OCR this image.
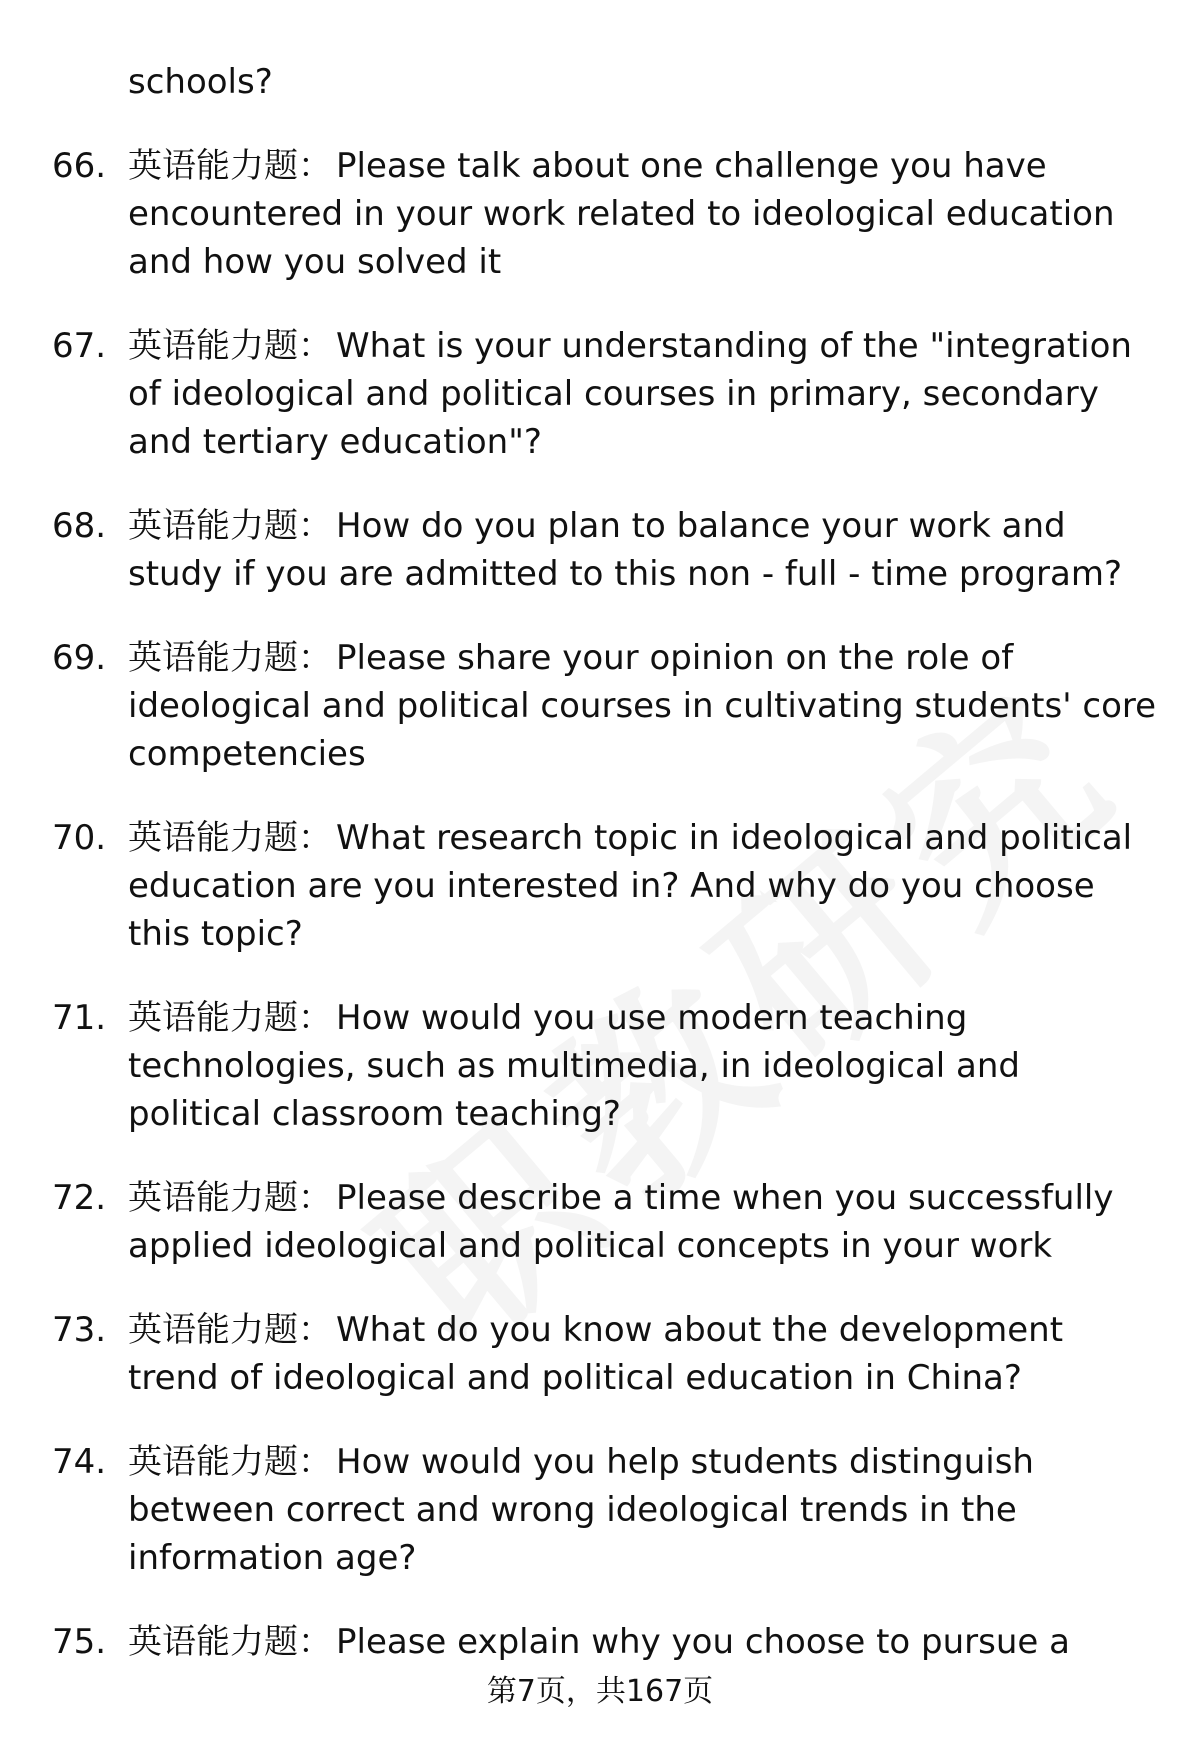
schools?
66. 英语能力题： Please talk about one challenge you have encountered in your work related to ideological education and how you solved it
67. 英语能力题： What is your understanding of the "integration of ideological and political courses in primary, secondary and tertiary education"?
68. 英语能力题： How do you plan to balance your work and study if you are admitted to this non - full - time program?
69. 英语能力题： Please share your opinion on the role of ideological and political courses in cultivating students' core competencies
70. 英语能力题： What research topic in ideological and political education are you interested in? And why do you choose this topic?
71. 英语能力题： How would you use modern teaching technologies, such as multimedia, in ideological and political classroom teaching?
72. 英语能力题： Please describe a time when you successfully applied ideological and political concepts in your work
73. 英语能力题： What do you know about the development trend of ideological and political education in China?
74. 英语能力题： How would you help students distinguish between correct and wrong ideological trends in the information age?
75. 英语能力题： Please explain why you choose to pursue a
第7页，共167页
